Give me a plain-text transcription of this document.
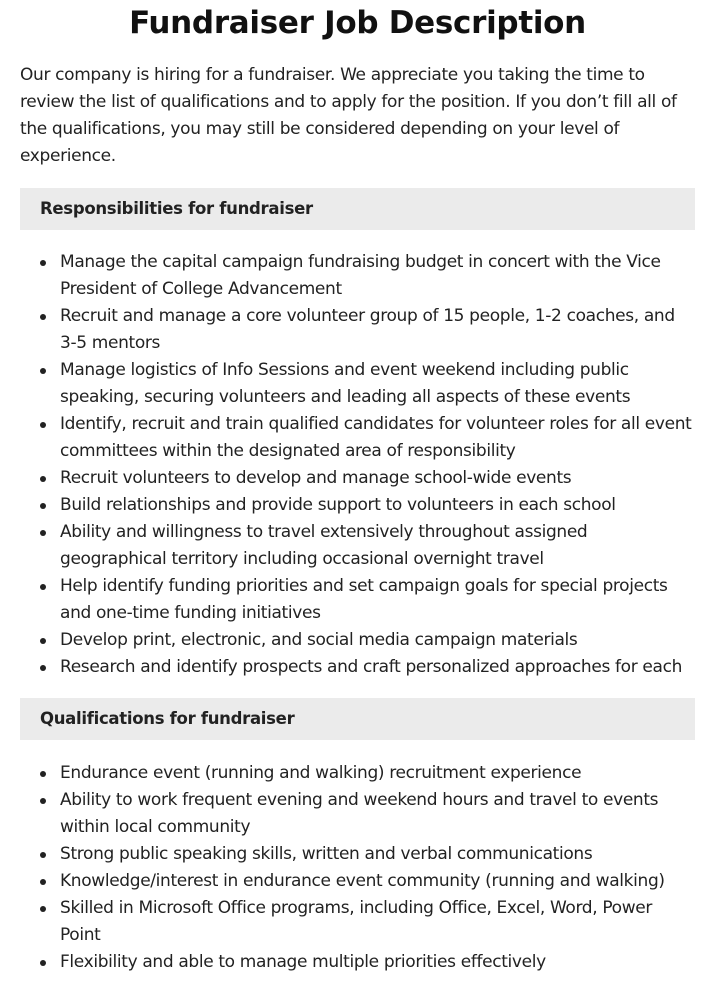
Fundraiser Job Description

Our company is hiring for a fundraiser. We appreciate you taking the time to review the list of qualifications and to apply for the position. If you don’t fill all of the qualifications, you may still be considered depending on your level of experience.

Responsibilities for fundraiser
Manage the capital campaign fundraising budget in concert with the Vice President of College Advancement
Recruit and manage a core volunteer group of 15 people, 1-2 coaches, and 3-5 mentors
Manage logistics of Info Sessions and event weekend including public speaking, securing volunteers and leading all aspects of these events
Identify, recruit and train qualified candidates for volunteer roles for all event committees within the designated area of responsibility
Recruit volunteers to develop and manage school-wide events
Build relationships and provide support to volunteers in each school
Ability and willingness to travel extensively throughout assigned geographical territory including occasional overnight travel
Help identify funding priorities and set campaign goals for special projects and one-time funding initiatives
Develop print, electronic, and social media campaign materials
Research and identify prospects and craft personalized approaches for each
Qualifications for fundraiser
Endurance event (running and walking) recruitment experience
Ability to work frequent evening and weekend hours and travel to events within local community
Strong public speaking skills, written and verbal communications
Knowledge/interest in endurance event community (running and walking)
Skilled in Microsoft Office programs, including Office, Excel, Word, Power Point
Flexibility and able to manage multiple priorities effectively
